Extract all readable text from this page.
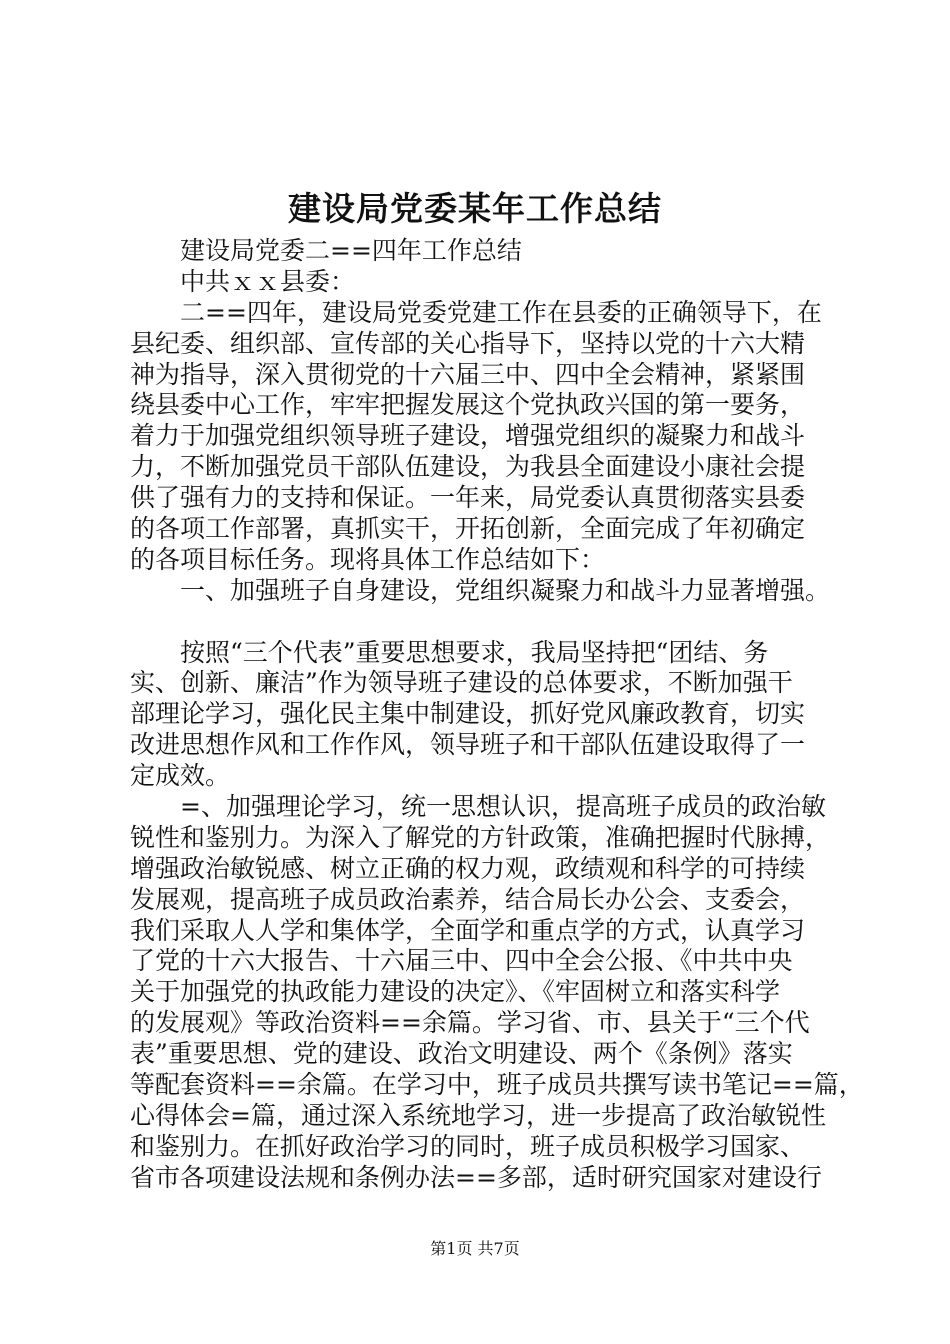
建设局党委某年工作总结
建设局党委二==四年工作总结
中共ｘｘ县委：
二==四年，建设局党委党建工作在县委的正确领导下，在
县纪委、组织部、宣传部的关心指导下，坚持以党的十六大精
神为指导，深入贯彻党的十六届三中、四中全会精神，紧紧围
绕县委中心工作，牢牢把握发展这个党执政兴国的第一要务，
着力于加强党组织领导班子建设，增强党组织的凝聚力和战斗
力，不断加强党员干部队伍建设，为我县全面建设小康社会提
供了强有力的支持和保证。一年来，局党委认真贯彻落实县委
的各项工作部署，真抓实干，开拓创新，全面完成了年初确定
的各项目标任务。现将具体工作总结如下：
一、加强班子自身建设，党组织凝聚力和战斗力显著增强。
按照“三个代表”重要思想要求，我局坚持把“团结、务
实、创新、廉洁”作为领导班子建设的总体要求，不断加强干
部理论学习，强化民主集中制建设，抓好党风廉政教育，切实
改进思想作风和工作作风，领导班子和干部队伍建设取得了一
定成效。
=、加强理论学习，统一思想认识，提高班子成员的政治敏
锐性和鉴别力。为深入了解党的方针政策，准确把握时代脉搏，
增强政治敏锐感、树立正确的权力观，政绩观和科学的可持续
发展观，提高班子成员政治素养，结合局长办公会、支委会，
我们采取人人学和集体学，全面学和重点学的方式，认真学习
了党的十六大报告、十六届三中、四中全会公报、《中共中央
关于加强党的执政能力建设的决定》、《牢固树立和落实科学
的发展观》等政治资料==余篇。学习省、市、县关于“三个代
表”重要思想、党的建设、政治文明建设、两个《条例》落实
等配套资料==余篇。在学习中，班子成员共撰写读书笔记==篇，
心得体会=篇，通过深入系统地学习，进一步提高了政治敏锐性
和鉴别力。在抓好政治学习的同时，班子成员积极学习国家、
省市各项建设法规和条例办法==多部，适时研究国家对建设行
第1页 共7页
